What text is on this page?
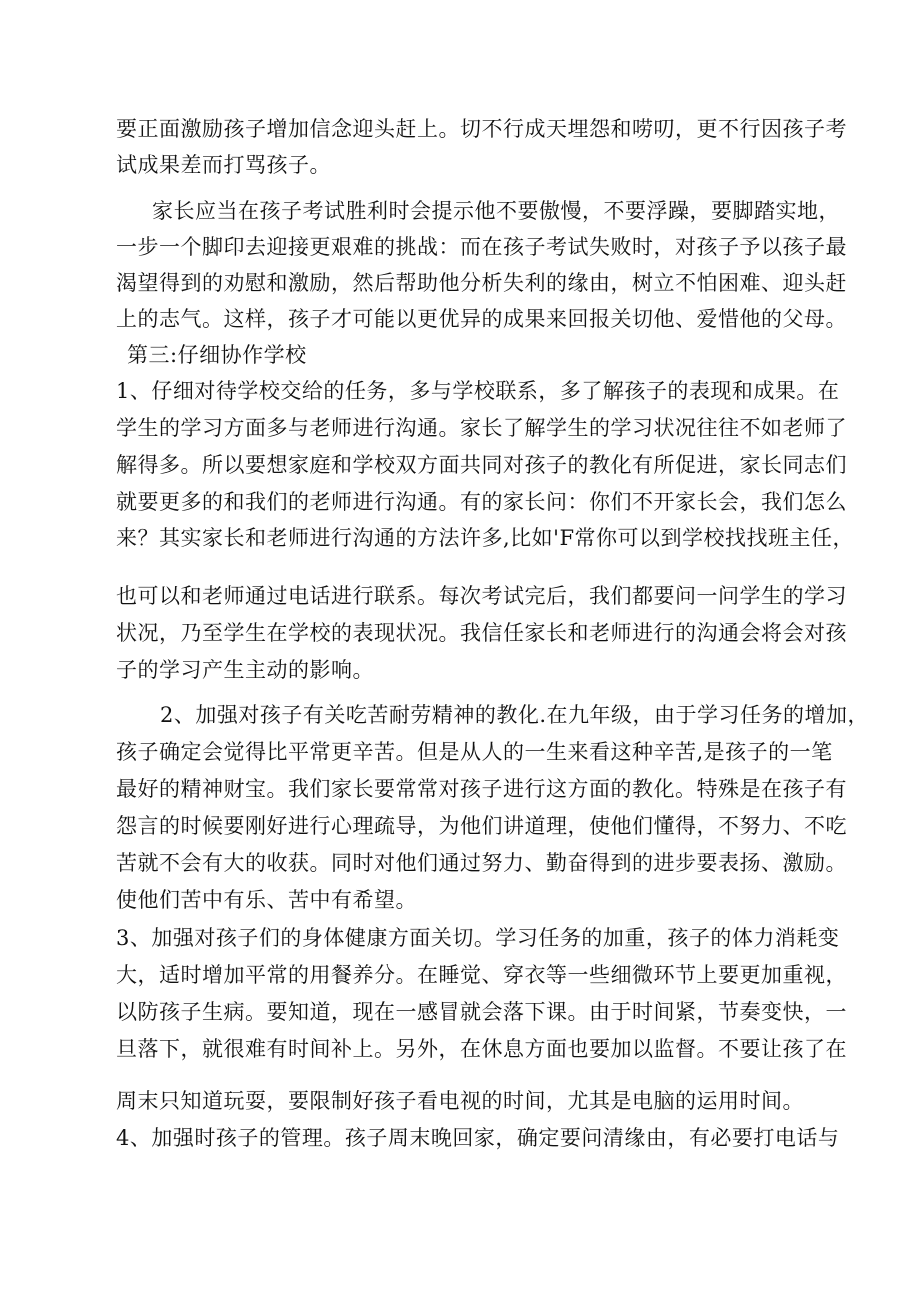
要正面激励孩子增加信念迎头赶上。切不行成天埋怨和唠叨，更不行因孩子考
试成果差而打骂孩子。
家长应当在孩子考试胜利时会提示他不要傲慢，不要浮躁，要脚踏实地，
一步一个脚印去迎接更艰难的挑战：而在孩子考试失败时，对孩子予以孩子最
渴望得到的劝慰和激励，然后帮助他分析失利的缘由，树立不怕困难、迎头赶
上的志气。这样，孩子才可能以更优异的成果来回报关切他、爱惜他的父母。
第三:仔细协作学校
1、仔细对待学校交给的任务，多与学校联系，多了解孩子的表现和成果。在
学生的学习方面多与老师进行沟通。家长了解学生的学习状况往往不如老师了
解得多。所以要想家庭和学校双方面共同对孩子的教化有所促进，家长同志们
就要更多的和我们的老师进行沟通。有的家长问：你们不开家长会，我们怎么
来？其实家长和老师进行沟通的方法许多,比如'F常你可以到学校找找班主任，
也可以和老师通过电话进行联系。每次考试完后，我们都要问一问学生的学习
状况，乃至学生在学校的表现状况。我信任家长和老师进行的沟通会将会对孩
子的学习产生主动的影响。
2、加强对孩子有关吃苦耐劳精神的教化.在九年级，由于学习任务的增加，
孩子确定会觉得比平常更辛苦。但是从人的一生来看这种辛苦,是孩子的一笔
最好的精神财宝。我们家长要常常对孩子进行这方面的教化。特殊是在孩子有
怨言的时候要刚好进行心理疏导，为他们讲道理，使他们懂得，不努力、不吃
苦就不会有大的收获。同时对他们通过努力、勤奋得到的进步要表扬、激励。
使他们苦中有乐、苦中有希望。
3、加强对孩子们的身体健康方面关切。学习任务的加重，孩子的体力消耗变
大，适时增加平常的用餐养分。在睡觉、穿衣等一些细微环节上要更加重视，
以防孩子生病。要知道，现在一感冒就会落下课。由于时间紧，节奏变快，一
旦落下，就很难有时间补上。另外，在休息方面也要加以监督。不要让孩了在
周末只知道玩耍，要限制好孩子看电视的时间，尤其是电脑的运用时间。
4、加强时孩子的管理。孩子周末晚回家，确定要问清缘由，有必要打电话与
